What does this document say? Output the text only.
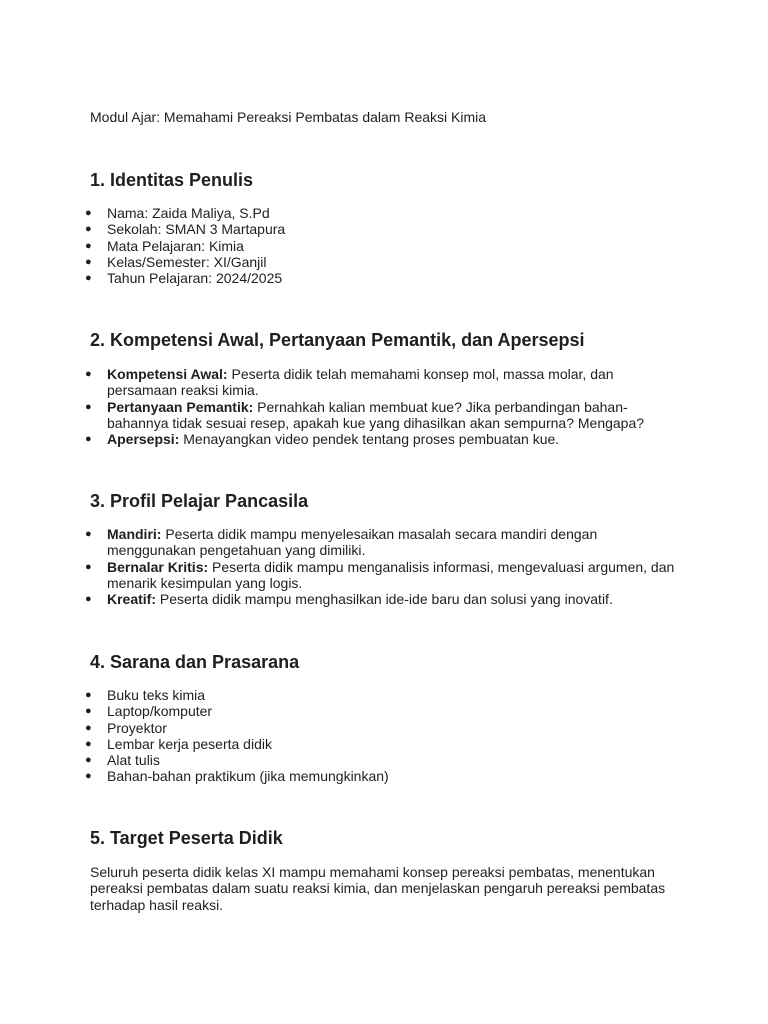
Modul Ajar: Memahami Pereaksi Pembatas dalam Reaksi Kimia
1. Identitas Penulis
● Nama: Zaida Maliya, S.Pd
● Sekolah: SMAN 3 Martapura
● Mata Pelajaran: Kimia
● Kelas/Semester: XI/Ganjil
● Tahun Pelajaran: 2024/2025
2. Kompetensi Awal, Pertanyaan Pemantik, dan Apersepsi
● Kompetensi Awal: Peserta didik telah memahami konsep mol, massa molar, dan persamaan reaksi kimia.
● Pertanyaan Pemantik: Pernahkah kalian membuat kue? Jika perbandingan bahan-bahannya tidak sesuai resep, apakah kue yang dihasilkan akan sempurna? Mengapa?
● Apersepsi: Menayangkan video pendek tentang proses pembuatan kue.
3. Profil Pelajar Pancasila
● Mandiri: Peserta didik mampu menyelesaikan masalah secara mandiri dengan menggunakan pengetahuan yang dimiliki.
● Bernalar Kritis: Peserta didik mampu menganalisis informasi, mengevaluasi argumen, dan menarik kesimpulan yang logis.
● Kreatif: Peserta didik mampu menghasilkan ide-ide baru dan solusi yang inovatif.
4. Sarana dan Prasarana
● Buku teks kimia
● Laptop/komputer
● Proyektor
● Lembar kerja peserta didik
● Alat tulis
● Bahan-bahan praktikum (jika memungkinkan)
5. Target Peserta Didik
Seluruh peserta didik kelas XI mampu memahami konsep pereaksi pembatas, menentukan pereaksi pembatas dalam suatu reaksi kimia, dan menjelaskan pengaruh pereaksi pembatas terhadap hasil reaksi.
